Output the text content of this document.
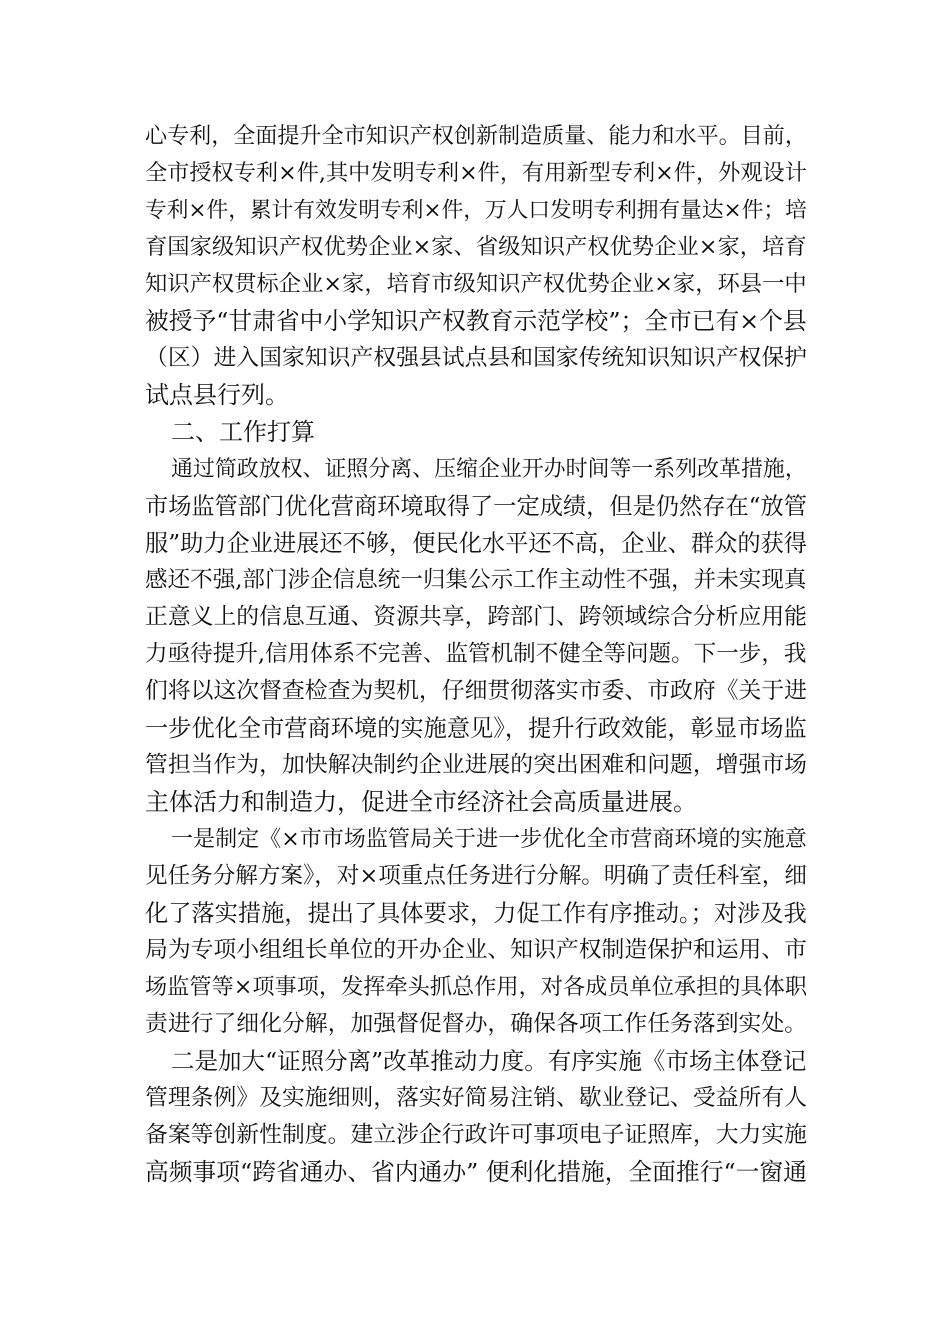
心专利，全面提升全市知识产权创新制造质量、能力和水平。目前，
全市授权专利×件,其中发明专利×件，有用新型专利×件，外观设计
专利×件，累计有效发明专利×件，万人口发明专利拥有量达×件；培
育国家级知识产权优势企业×家、省级知识产权优势企业×家，培育
知识产权贯标企业×家，培育市级知识产权优势企业×家，环县一中
被授予“甘肃省中小学知识产权教育示范学校”；全市已有×个县
（区）进入国家知识产权强县试点县和国家传统知识知识产权保护
试点县行列。
二、工作打算
通过简政放权、证照分离、压缩企业开办时间等一系列改革措施，
市场监管部门优化营商环境取得了一定成绩，但是仍然存在“放管
服”助力企业进展还不够，便民化水平还不高，企业、群众的获得
感还不强,部门涉企信息统一归集公示工作主动性不强，并未实现真
正意义上的信息互通、资源共享，跨部门、跨领域综合分析应用能
力亟待提升,信用体系不完善、监管机制不健全等问题。下一步，我
们将以这次督查检查为契机，仔细贯彻落实市委、市政府《关于进
一步优化全市营商环境的实施意见》，提升行政效能，彰显市场监
管担当作为，加快解决制约企业进展的突出困难和问题，增强市场
主体活力和制造力，促进全市经济社会高质量进展。
一是制定《×市市场监管局关于进一步优化全市营商环境的实施意
见任务分解方案》，对×项重点任务进行分解。明确了责任科室，细
化了落实措施，提出了具体要求，力促工作有序推动。；对涉及我
局为专项小组组长单位的开办企业、知识产权制造保护和运用、市
场监管等×项事项，发挥牵头抓总作用，对各成员单位承担的具体职
责进行了细化分解，加强督促督办，确保各项工作任务落到实处。
二是加大“证照分离”改革推动力度。有序实施《市场主体登记
管理条例》及实施细则，落实好简易注销、歇业登记、受益所有人
备案等创新性制度。建立涉企行政许可事项电子证照库，大力实施
高频事项“跨省通办、省内通办” 便利化措施，全面推行“一窗通
